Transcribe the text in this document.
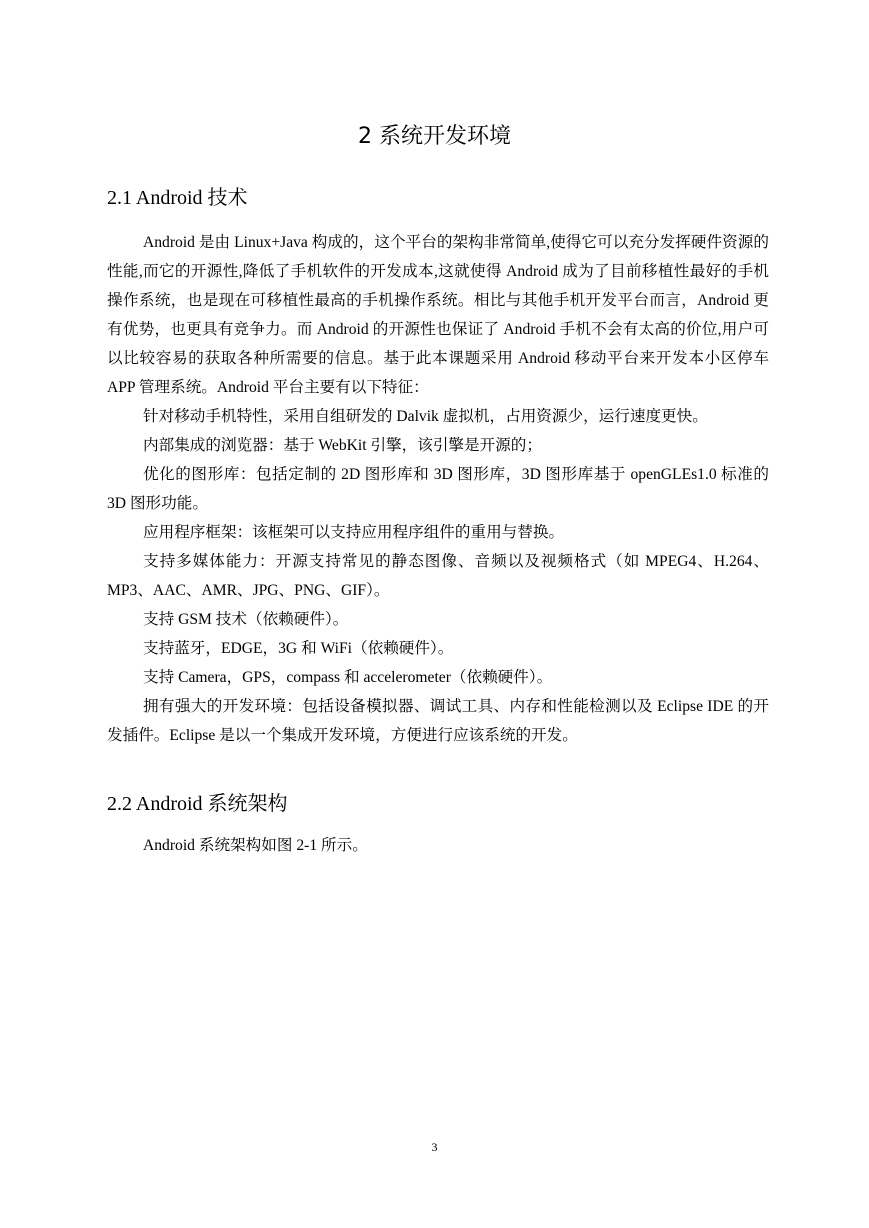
2 系统开发环境
2.1 Android 技术

Android 是由 Linux+Java 构成的，这个平台的架构非常简单,使得它可以充分发挥硬件资源的性能,而它的开源性,降低了手机软件的开发成本,这就使得 Android 成为了目前移植性最好的手机操作系统，也是现在可移植性最高的手机操作系统。相比与其他手机开发平台而言，Android 更有优势，也更具有竞争力。而 Android 的开源性也保证了 Android 手机不会有太高的价位,用户可以比较容易的获取各种所需要的信息。基于此本课题采用 Android 移动平台来开发本小区停车 APP 管理系统。Android 平台主要有以下特征：

针对移动手机特性，采用自组研发的 Dalvik 虚拟机，占用资源少，运行速度更快。

内部集成的浏览器：基于 WebKit 引擎，该引擎是开源的；

优化的图形库：包括定制的 2D 图形库和 3D 图形库，3D 图形库基于 openGLEs1.0 标准的 3D 图形功能。

应用程序框架：该框架可以支持应用程序组件的重用与替换。

支持多媒体能力：开源支持常见的静态图像、音频以及视频格式（如 MPEG4、H.264、MP3、AAC、AMR、JPG、PNG、GIF）。

支持 GSM 技术（依赖硬件）。

支持蓝牙，EDGE，3G 和 WiFi（依赖硬件）。

支持 Camera，GPS，compass 和 accelerometer（依赖硬件）。

拥有强大的开发环境：包括设备模拟器、调试工具、内存和性能检测以及 Eclipse IDE 的开发插件。Eclipse 是以一个集成开发环境，方便进行应该系统的开发。

2.2 Android 系统架构

Android 系统架构如图 2-1 所示。

3
